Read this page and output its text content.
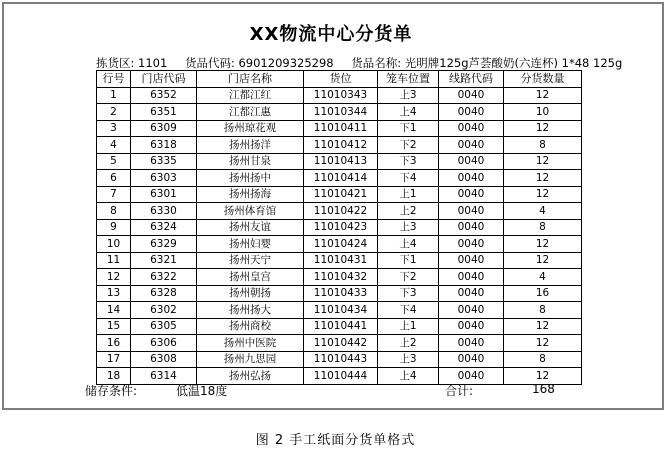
XX物流中心分货单
拣货区: 1101 货品代码: 6901209325298 货品名称: 光明牌125g芦荟酸奶(六连杯) 1*48 125g
行号	门店代码	门店名称	货位	笼车位置	线路代码	分货数量
1	6352	江都江红	11010343	上3	0040	12
2	6351	江都江惠	11010344	上4	0040	10
3	6309	扬州琼花观	11010411	下1	0040	12
4	6318	扬州扬洋	11010412	下2	0040	8
5	6335	扬州甘泉	11010413	下3	0040	12
6	6303	扬州扬中	11010414	下4	0040	12
7	6301	扬州扬海	11010421	上1	0040	12
8	6330	扬州体育馆	11010422	上2	0040	4
9	6324	扬州友谊	11010423	上3	0040	8
10	6329	扬州妇婴	11010424	上4	0040	12
11	6321	扬州天宁	11010431	下1	0040	12
12	6322	扬州皇宫	11010432	下2	0040	4
13	6328	扬州朝扬	11010433	下3	0040	16
14	6302	扬州扬大	11010434	下4	0040	8
15	6305	扬州商校	11010441	上1	0040	12
16	6306	扬州中医院	11010442	上2	0040	12
17	6308	扬州九思园	11010443	上3	0040	8
18	6314	扬州弘扬	11010444	上4	0040	12
储存条件:	低温18度	合计:	168
图 2 手工纸面分货单格式
